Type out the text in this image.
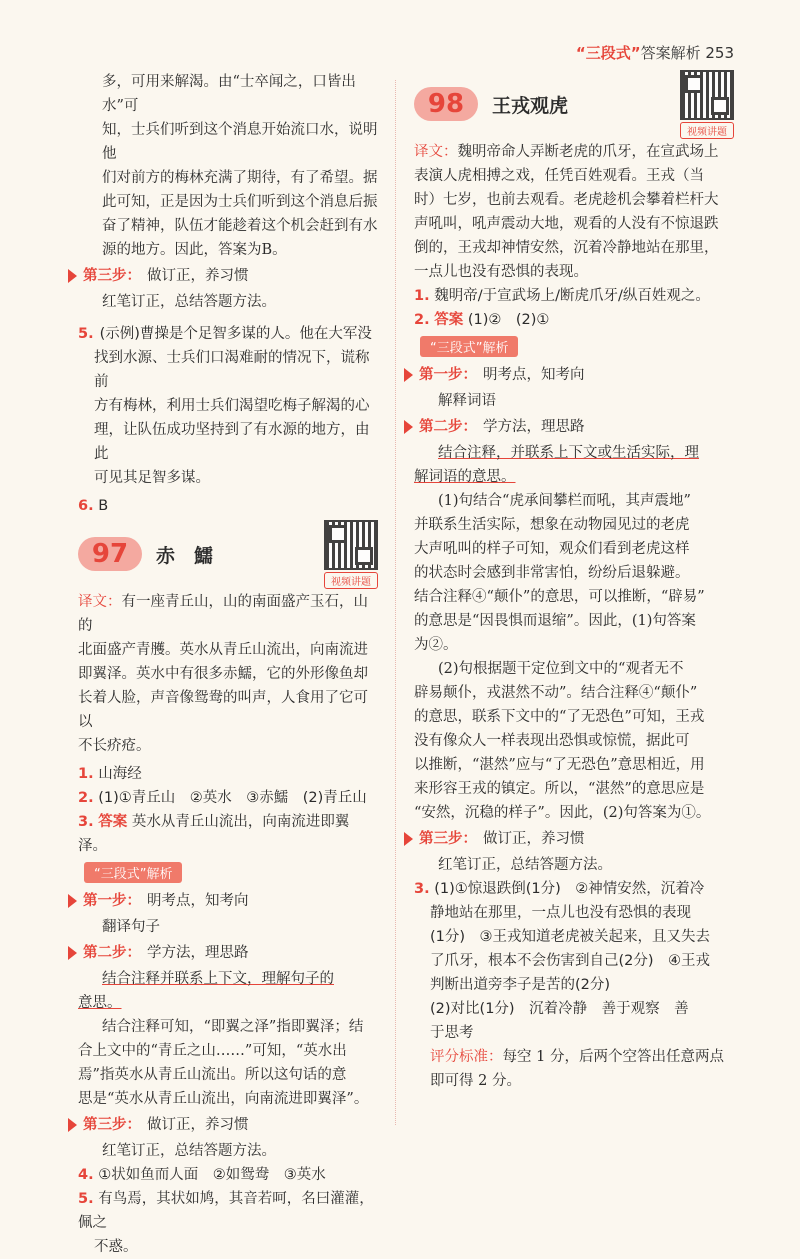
“三段式”答案解析 253

多，可用来解渴。由“士卒闻之，口皆出水”可

知，士兵们听到这个消息开始流口水，说明他

们对前方的梅林充满了期待，有了希望。据

此可知，正是因为士兵们听到这个消息后振

奋了精神，队伍才能趁着这个机会赶到有水

源的地方。因此，答案为B。

第三步： 做订正，养习惯

红笔订正，总结答题方法。

5. (示例)曹操是个足智多谋的人。他在大军没

找到水源、士兵们口渴难耐的情况下，谎称前

方有梅林，利用士兵们渴望吃梅子解渴的心

理，让队伍成功坚持到了有水源的地方，由此

可见其足智多谋。

6. B

97	赤　鱬
视频讲题

译文：有一座青丘山，山的南面盛产玉石，山的

北面盛产青雘。英水从青丘山流出，向南流进

即翼泽。英水中有很多赤鱬，它的外形像鱼却

长着人脸，声音像鸳鸯的叫声，人食用了它可以

不长疥疮。

1. 山海经

2. (1)①青丘山　②英水　③赤鱬　(2)青丘山

3. 答案 英水从青丘山流出，向南流进即翼泽。

“三段式”解析
第一步： 明考点，知考向

翻译句子

第二步： 学方法，理思路

结合注释并联系上下文，理解句子的

意思。

结合注释可知，“即翼之泽”指即翼泽；结

合上文中的“青丘之山……”可知，“英水出

焉”指英水从青丘山流出。所以这句话的意

思是“英水从青丘山流出，向南流进即翼泽”。

第三步： 做订正，养习惯

红笔订正，总结答题方法。

4. ①状如鱼而人面　②如鸳鸯　③英水

5. 有鸟焉，其状如鸠，其音若呵，名曰灌灌，佩之

不惑。

98	王戎观虎
视频讲题

译文：魏明帝命人弄断老虎的爪牙，在宣武场上

表演人虎相搏之戏，任凭百姓观看。王戎（当

时）七岁，也前去观看。老虎趁机会攀着栏杆大

声吼叫，吼声震动大地，观看的人没有不惊退跌

倒的，王戎却神情安然，沉着冷静地站在那里，

一点儿也没有恐惧的表现。

1. 魏明帝/于宣武场上/断虎爪牙/纵百姓观之。

2. 答案 (1)②　(2)①

“三段式”解析
第一步： 明考点，知考向

解释词语

第二步： 学方法，理思路

结合注释，并联系上下文或生活实际，理

解词语的意思。

(1)句结合“虎承间攀栏而吼，其声震地”

并联系生活实际，想象在动物园见过的老虎

大声吼叫的样子可知，观众们看到老虎这样

的状态时会感到非常害怕，纷纷后退躲避。

结合注释④“颠仆”的意思，可以推断，“辟易”

的意思是“因畏惧而退缩”。因此，(1)句答案

为②。

(2)句根据题干定位到文中的“观者无不

辟易颠仆，戎湛然不动”。结合注释④“颠仆”

的意思，联系下文中的“了无恐色”可知，王戎

没有像众人一样表现出恐惧或惊慌，据此可

以推断，“湛然”应与“了无恐色”意思相近，用

来形容王戎的镇定。所以，“湛然”的意思应是

“安然，沉稳的样子”。因此，(2)句答案为①。

第三步： 做订正，养习惯

红笔订正，总结答题方法。

3. (1)①惊退跌倒(1分)　②神情安然，沉着冷

静地站在那里，一点儿也没有恐惧的表现

(1分)　③王戎知道老虎被关起来，且又失去

了爪牙，根本不会伤害到自己(2分)　④王戎

判断出道旁李子是苦的(2分)

(2)对比(1分)　沉着冷静　善于观察　善

于思考

评分标准：每空 1 分，后两个空答出任意两点

即可得 2 分。
